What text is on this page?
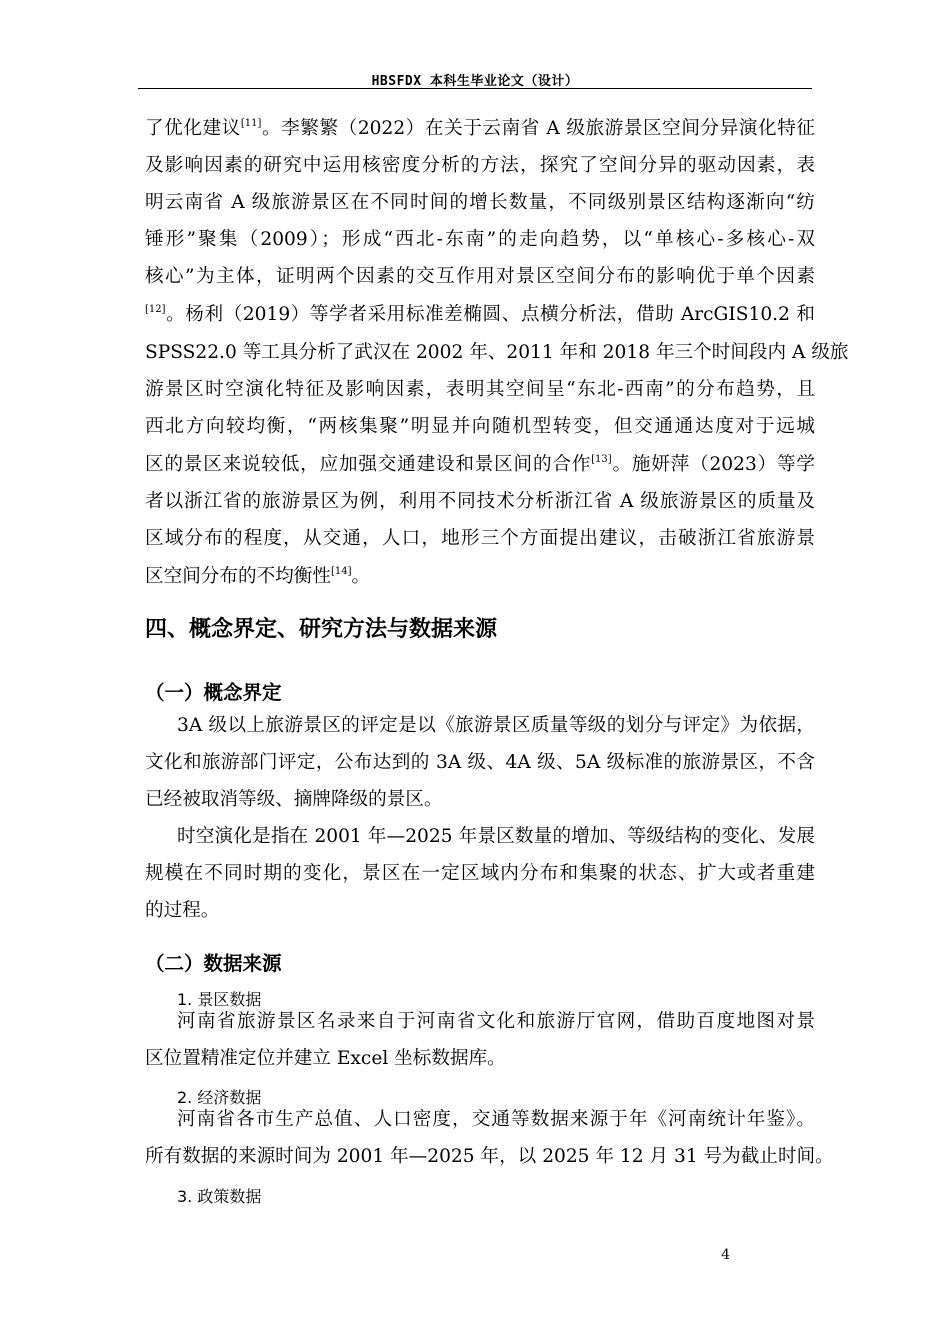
HBSFDX 本科生毕业论文（设计）
了优化建议[11]。李繁繁（2022）在关于云南省 A 级旅游景区空间分异演化特征
及影响因素的研究中运用核密度分析的方法，探究了空间分异的驱动因素，表
明云南省 A 级旅游景区在不同时间的增长数量，不同级别景区结构逐渐向“纺
锤形”聚集（2009）；形成“西北-东南”的走向趋势，以“单核心-多核心-双
核心”为主体，证明两个因素的交互作用对景区空间分布的影响优于单个因素
[12]。杨利（2019）等学者采用标准差椭圆、点横分析法，借助 ArcGIS10.2 和
SPSS22.0 等工具分析了武汉在 2002 年、2011 年和 2018 年三个时间段内 A 级旅
游景区时空演化特征及影响因素，表明其空间呈“东北-西南”的分布趋势，且
西北方向较均衡，“两核集聚”明显并向随机型转变，但交通通达度对于远城
区的景区来说较低，应加强交通建设和景区间的合作[13]。施妍萍（2023）等学
者以浙江省的旅游景区为例，利用不同技术分析浙江省 A 级旅游景区的质量及
区域分布的程度，从交通，人口，地形三个方面提出建议，击破浙江省旅游景
区空间分布的不均衡性[14]。
四、概念界定、研究方法与数据来源
（一）概念界定
3A 级以上旅游景区的评定是以《旅游景区质量等级的划分与评定》为依据，
文化和旅游部门评定，公布达到的 3A 级、4A 级、5A 级标准的旅游景区，不含
已经被取消等级、摘牌降级的景区。
时空演化是指在 2001 年—2025 年景区数量的增加、等级结构的变化、发展
规模在不同时期的变化，景区在一定区域内分布和集聚的状态、扩大或者重建
的过程。
（二）数据来源
1. 景区数据
河南省旅游景区名录来自于河南省文化和旅游厅官网，借助百度地图对景
区位置精准定位并建立 Excel 坐标数据库。
2. 经济数据
河南省各市生产总值、人口密度，交通等数据来源于年《河南统计年鉴》。
所有数据的来源时间为 2001 年—2025 年，以 2025 年 12 月 31 号为截止时间。
3. 政策数据
4
